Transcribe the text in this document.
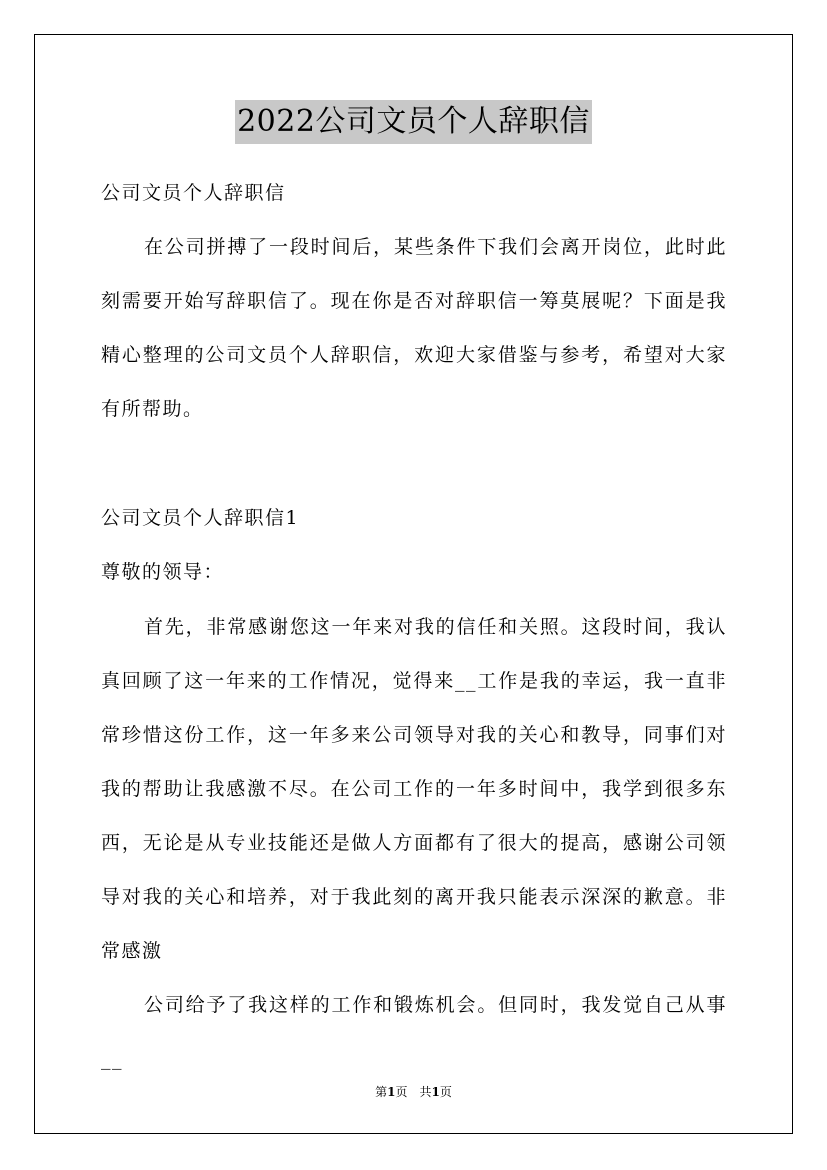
2022公司文员个人辞职信

公司文员个人辞职信

在公司拼搏了一段时间后，某些条件下我们会离开岗位，此时此刻需要开始写辞职信了。现在你是否对辞职信一筹莫展呢？下面是我精心整理的公司文员个人辞职信，欢迎大家借鉴与参考，希望对大家有所帮助。

公司文员个人辞职信1

尊敬的领导：

首先，非常感谢您这一年来对我的信任和关照。这段时间，我认真回顾了这一年来的工作情况，觉得来__工作是我的幸运，我一直非常珍惜这份工作，这一年多来公司领导对我的关心和教导，同事们对我的帮助让我感激不尽。在公司工作的一年多时间中，我学到很多东西，无论是从专业技能还是做人方面都有了很大的提高，感谢公司领导对我的关心和培养，对于我此刻的离开我只能表示深深的歉意。非常感激

公司给予了我这样的工作和锻炼机会。但同时，我发觉自己从事__

第1页　共1页
